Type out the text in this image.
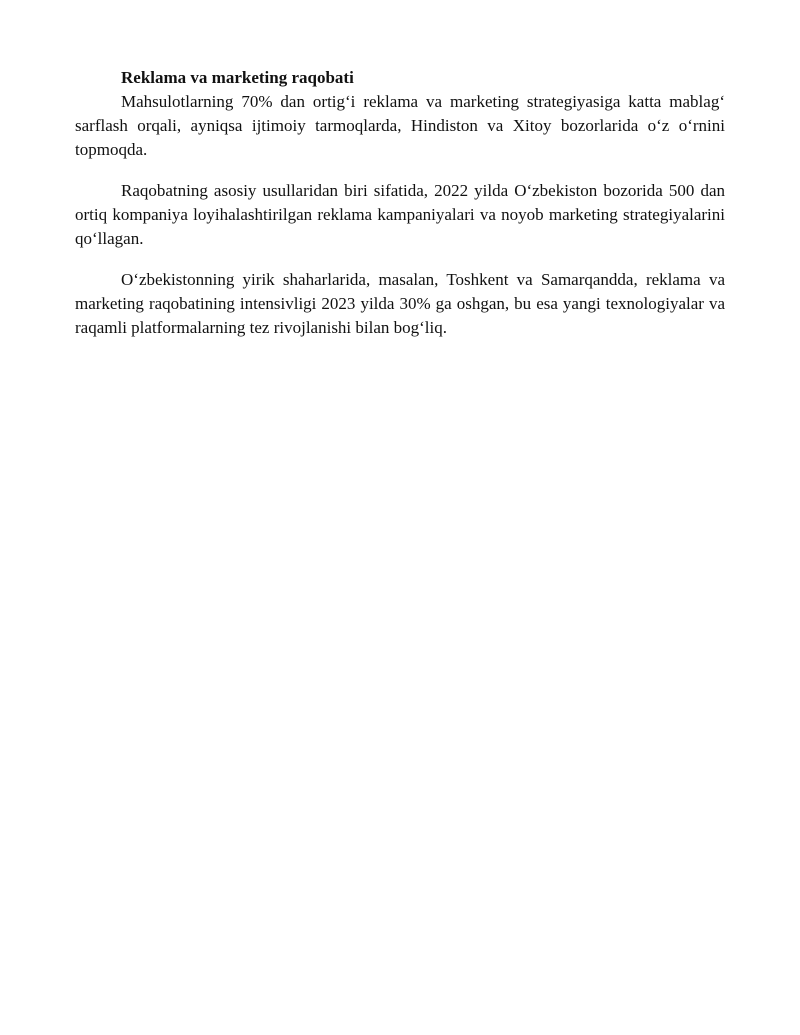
Reklama va marketing raqobati

Mahsulotlarning 70% dan ortig‘i reklama va marketing strategiyasiga katta mablag‘ sarflash orqali, ayniqsa ijtimoiy tarmoqlarda, Hindiston va Xitoy bozorlarida o‘z o‘rnini topmoqda.

Raqobatning asosiy usullaridan biri sifatida, 2022 yilda O‘zbekiston bozorida 500 dan ortiq kompaniya loyihalashtirilgan reklama kampaniyalari va noyob marketing strategiyalarini qo‘llagan.

O‘zbekistonning yirik shaharlarida, masalan, Toshkent va Samarqandda, reklama va marketing raqobatining intensivligi 2023 yilda 30% ga oshgan, bu esa yangi texnologiyalar va raqamli platformalarning tez rivojlanishi bilan bog‘liq.
